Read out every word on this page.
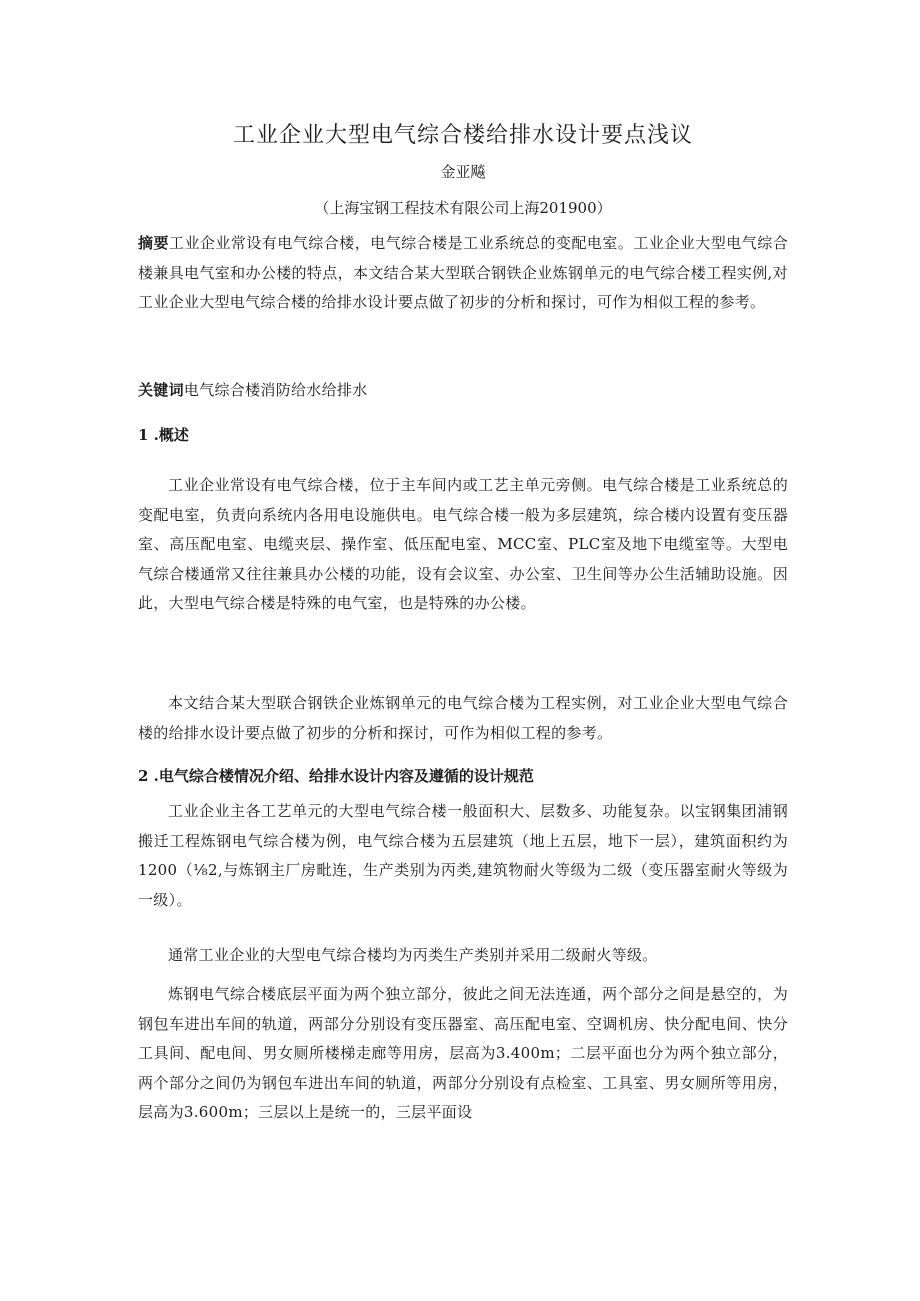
工业企业大型电气综合楼给排水设计要点浅议
金亚飚
（上海宝钢工程技术有限公司上海201900）
摘要工业企业常设有电气综合楼，电气综合楼是工业系统总的变配电室。工业企业大型电气综合楼兼具电气室和办公楼的特点，本文结合某大型联合钢铁企业炼钢单元的电气综合楼工程实例,对工业企业大型电气综合楼的给排水设计要点做了初步的分析和探讨，可作为相似工程的参考。
关键词电气综合楼消防给水给排水
1 .概述
工业企业常设有电气综合楼，位于主车间内或工艺主单元旁侧。电气综合楼是工业系统总的变配电室，负责向系统内各用电设施供电。电气综合楼一般为多层建筑，综合楼内设置有变压器室、高压配电室、电缆夹层、操作室、低压配电室、MCC室、PLC室及地下电缆室等。大型电气综合楼通常又往往兼具办公楼的功能，设有会议室、办公室、卫生间等办公生活辅助设施。因此，大型电气综合楼是特殊的电气室，也是特殊的办公楼。
本文结合某大型联合钢铁企业炼钢单元的电气综合楼为工程实例，对工业企业大型电气综合楼的给排水设计要点做了初步的分析和探讨，可作为相似工程的参考。
2 .电气综合楼情况介绍、给排水设计内容及遵循的设计规范
工业企业主各工艺单元的大型电气综合楼一般面积大、层数多、功能复杂。以宝钢集团浦钢搬迁工程炼钢电气综合楼为例，电气综合楼为五层建筑（地上五层，地下一层），建筑面积约为1200（⅛2,与炼钢主厂房毗连，生产类别为丙类,建筑物耐火等级为二级（变压器室耐火等级为一级）。
通常工业企业的大型电气综合楼均为丙类生产类别并采用二级耐火等级。
炼钢电气综合楼底层平面为两个独立部分，彼此之间无法连通，两个部分之间是悬空的，为钢包车进出车间的轨道，两部分分别设有变压器室、高压配电室、空调机房、快分配电间、快分工具间、配电间、男女厕所楼梯走廊等用房，层高为3.400m；二层平面也分为两个独立部分，两个部分之间仍为钢包车进出车间的轨道，两部分分别设有点检室、工具室、男女厕所等用房，层高为3.600m；三层以上是统一的，三层平面设
